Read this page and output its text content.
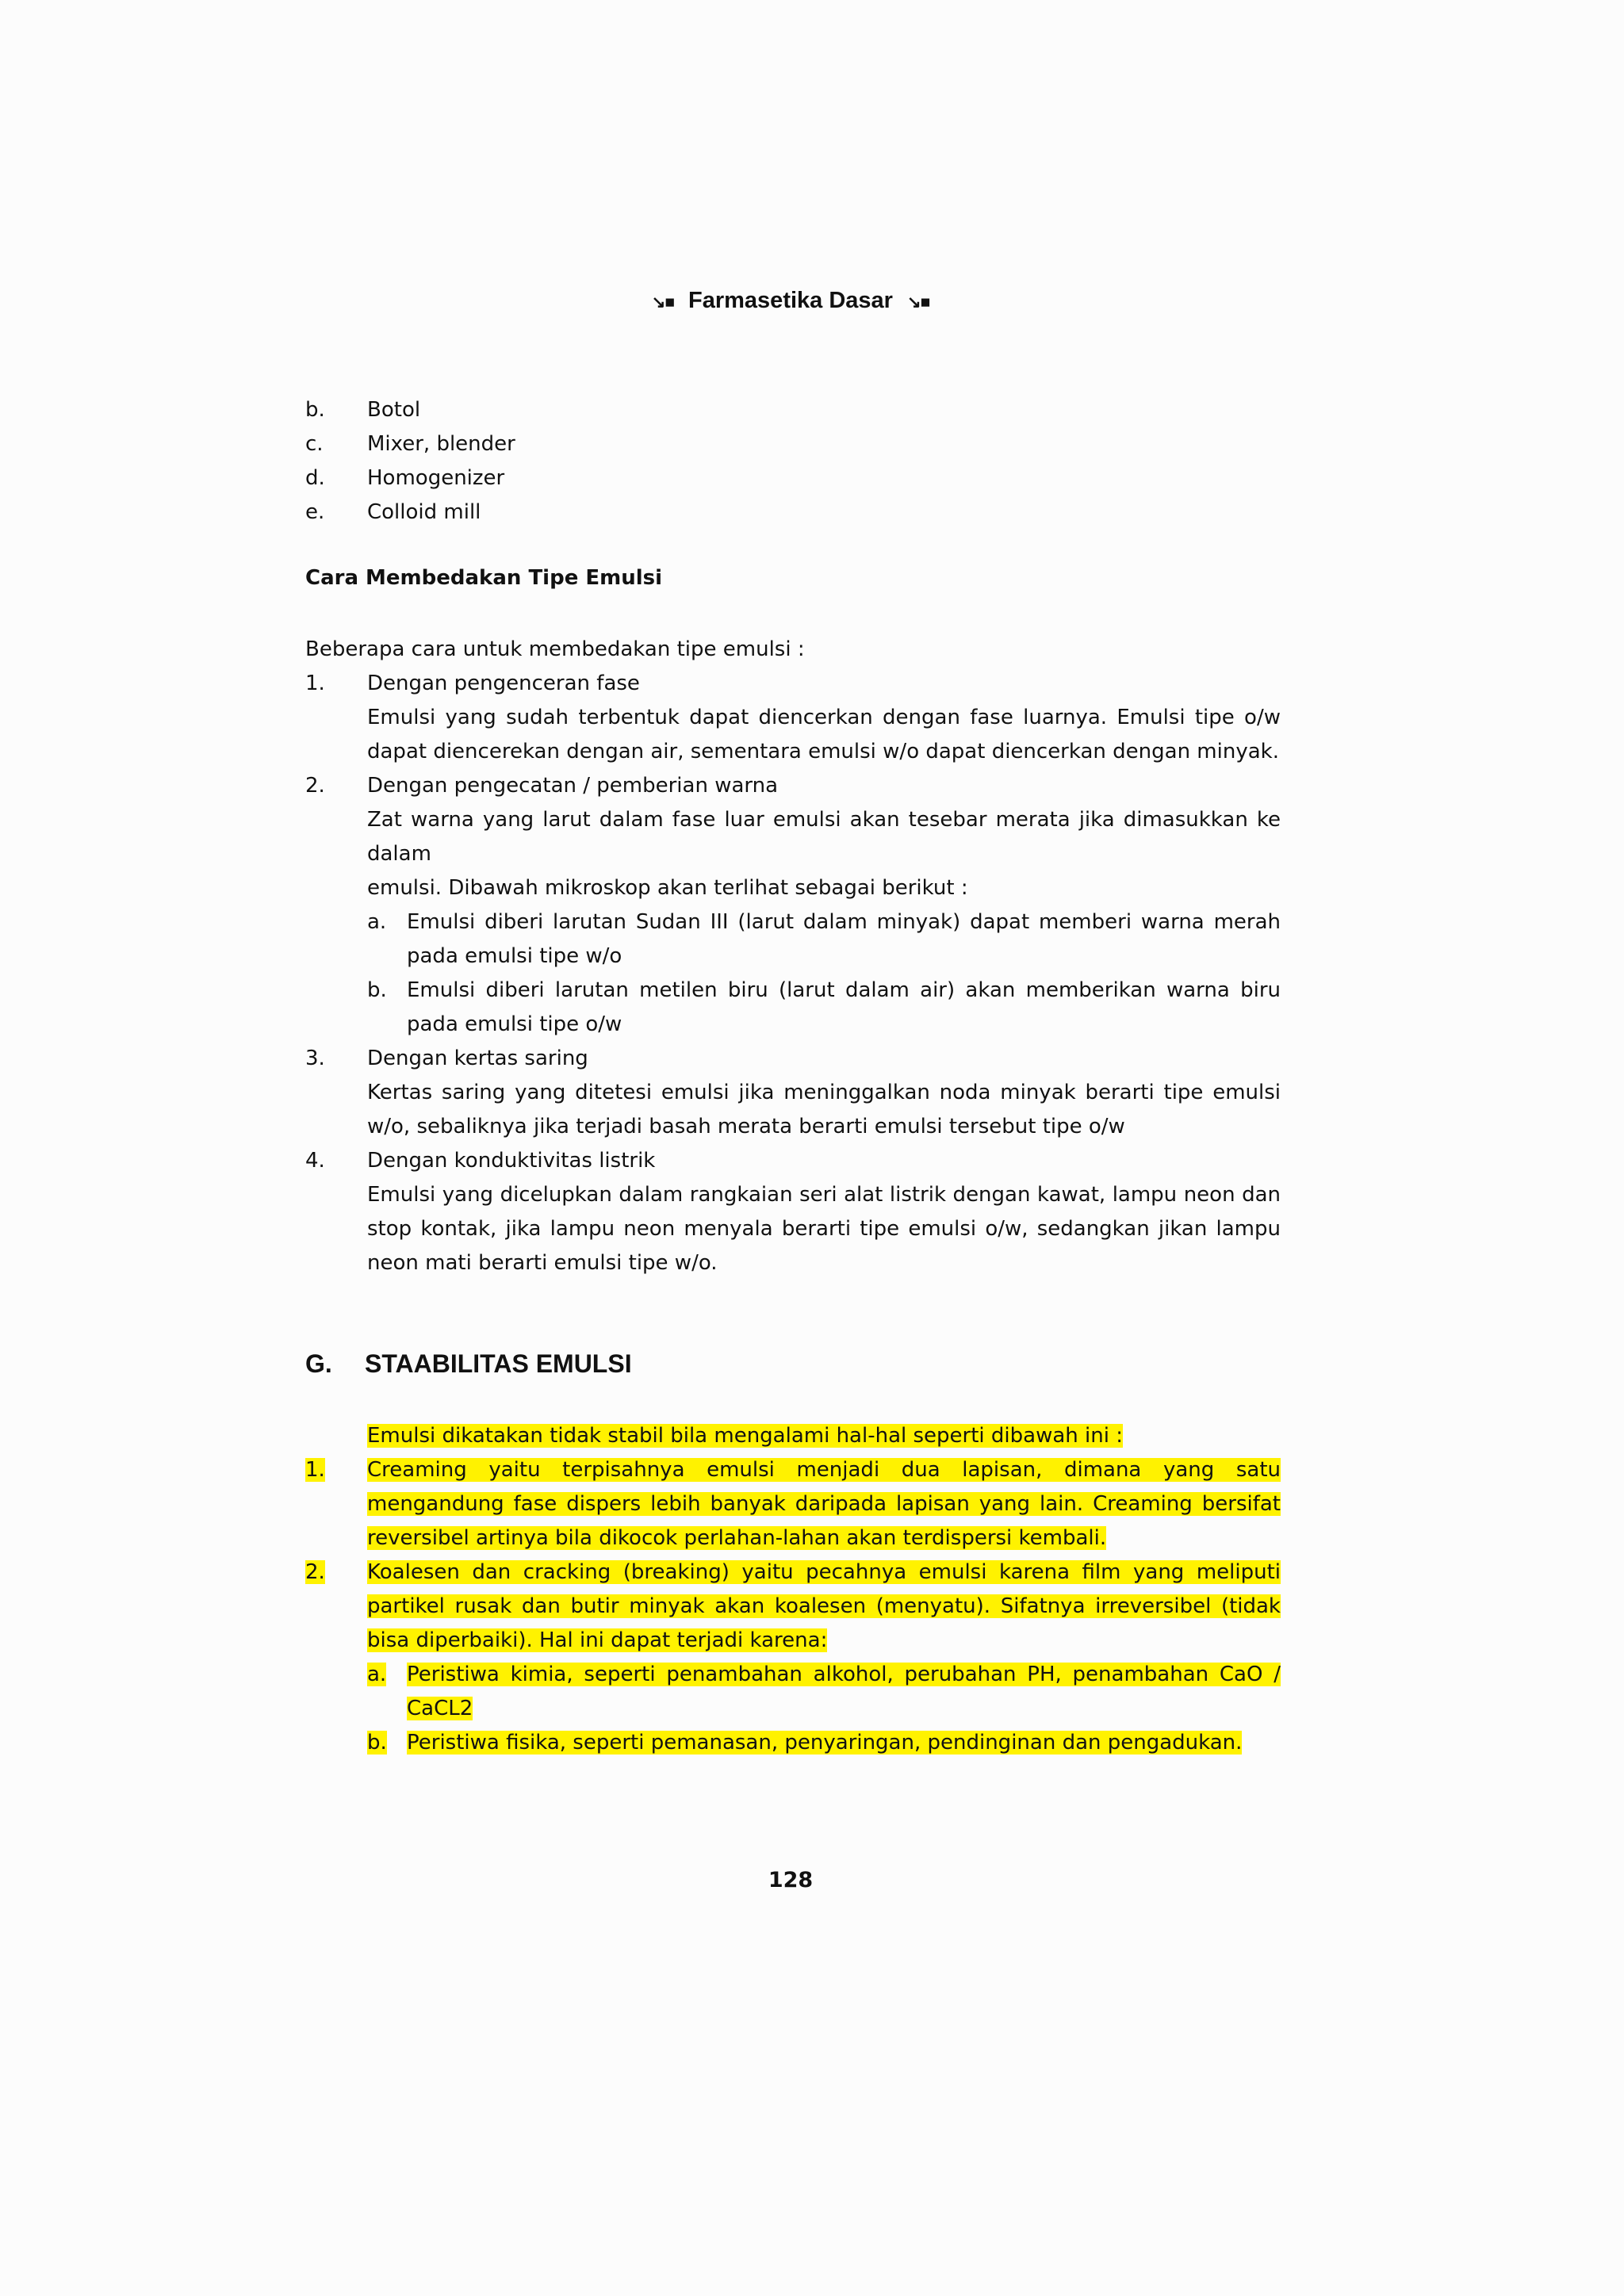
↘■ Farmasetika Dasar ↘■
b. Botol
c. Mixer, blender
d. Homogenizer
e. Colloid mill
Cara Membedakan Tipe Emulsi
Beberapa cara untuk membedakan tipe emulsi :
1. Dengan pengenceran fase
Emulsi yang sudah terbentuk dapat diencerkan dengan fase luarnya. Emulsi tipe o/w dapat diencerekan dengan air, sementara emulsi w/o dapat diencerkan dengan minyak.
2. Dengan pengecatan / pemberian warna
Zat warna yang larut dalam fase luar emulsi akan tesebar merata jika dimasukkan ke dalam
emulsi. Dibawah mikroskop akan terlihat sebagai berikut :
a. Emulsi diberi larutan Sudan III (larut dalam minyak) dapat memberi warna merah pada emulsi tipe w/o
b. Emulsi diberi larutan metilen biru (larut dalam air) akan memberikan warna biru pada emulsi tipe o/w
3. Dengan kertas saring
Kertas saring yang ditetesi emulsi jika meninggalkan noda minyak berarti tipe emulsi w/o, sebaliknya jika terjadi basah merata berarti emulsi tersebut tipe o/w
4. Dengan konduktivitas listrik
Emulsi yang dicelupkan dalam rangkaian seri alat listrik dengan kawat, lampu neon dan stop kontak, jika lampu neon menyala berarti tipe emulsi o/w, sedangkan jikan lampu neon mati berarti emulsi tipe w/o.
G. STAABILITAS EMULSI
Emulsi dikatakan tidak stabil bila mengalami hal-hal seperti dibawah ini :
1. Creaming yaitu terpisahnya emulsi menjadi dua lapisan, dimana yang satu mengandung fase dispers lebih banyak daripada lapisan yang lain. Creaming bersifat reversibel artinya bila dikocok perlahan-lahan akan terdispersi kembali.
2. Koalesen dan cracking (breaking) yaitu pecahnya emulsi karena film yang meliputi partikel rusak dan butir minyak akan koalesen (menyatu). Sifatnya irreversibel (tidak bisa diperbaiki). Hal ini dapat terjadi karena:
a. Peristiwa kimia, seperti penambahan alkohol, perubahan PH, penambahan CaO / CaCL2
b. Peristiwa fisika, seperti pemanasan, penyaringan, pendinginan dan pengadukan.
128
